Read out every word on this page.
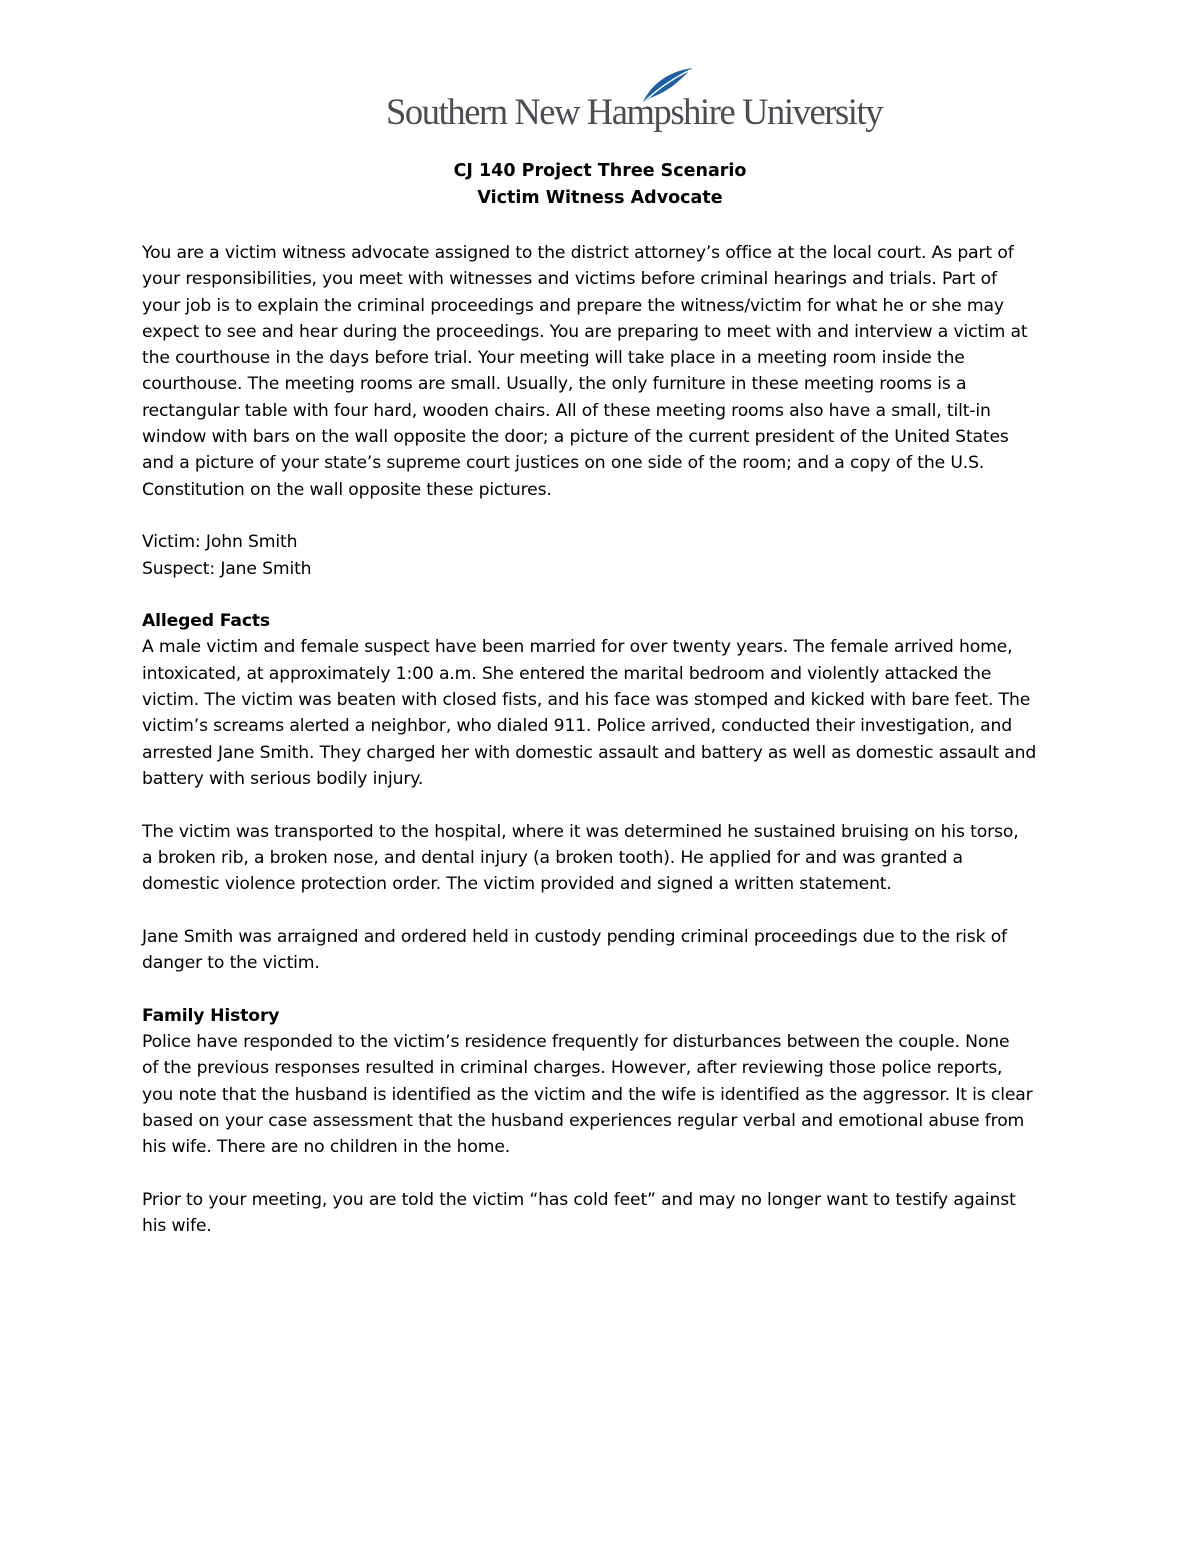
Southern New Hampshire University
CJ 140 Project Three Scenario
Victim Witness Advocate
You are a victim witness advocate assigned to the district attorney’s office at the local court. As part of
your responsibilities, you meet with witnesses and victims before criminal hearings and trials. Part of
your job is to explain the criminal proceedings and prepare the witness/victim for what he or she may
expect to see and hear during the proceedings. You are preparing to meet with and interview a victim at
the courthouse in the days before trial. Your meeting will take place in a meeting room inside the
courthouse. The meeting rooms are small. Usually, the only furniture in these meeting rooms is a
rectangular table with four hard, wooden chairs. All of these meeting rooms also have a small, tilt-in
window with bars on the wall opposite the door; a picture of the current president of the United States
and a picture of your state’s supreme court justices on one side of the room; and a copy of the U.S.
Constitution on the wall opposite these pictures.
Victim: John Smith
Suspect: Jane Smith
Alleged Facts
A male victim and female suspect have been married for over twenty years. The female arrived home,
intoxicated, at approximately 1:00 a.m. She entered the marital bedroom and violently attacked the
victim. The victim was beaten with closed fists, and his face was stomped and kicked with bare feet. The
victim’s screams alerted a neighbor, who dialed 911. Police arrived, conducted their investigation, and
arrested Jane Smith. They charged her with domestic assault and battery as well as domestic assault and
battery with serious bodily injury.
The victim was transported to the hospital, where it was determined he sustained bruising on his torso,
a broken rib, a broken nose, and dental injury (a broken tooth). He applied for and was granted a
domestic violence protection order. The victim provided and signed a written statement.
Jane Smith was arraigned and ordered held in custody pending criminal proceedings due to the risk of
danger to the victim.
Family History
Police have responded to the victim’s residence frequently for disturbances between the couple. None
of the previous responses resulted in criminal charges. However, after reviewing those police reports,
you note that the husband is identified as the victim and the wife is identified as the aggressor. It is clear
based on your case assessment that the husband experiences regular verbal and emotional abuse from
his wife. There are no children in the home.
Prior to your meeting, you are told the victim “has cold feet” and may no longer want to testify against
his wife.
